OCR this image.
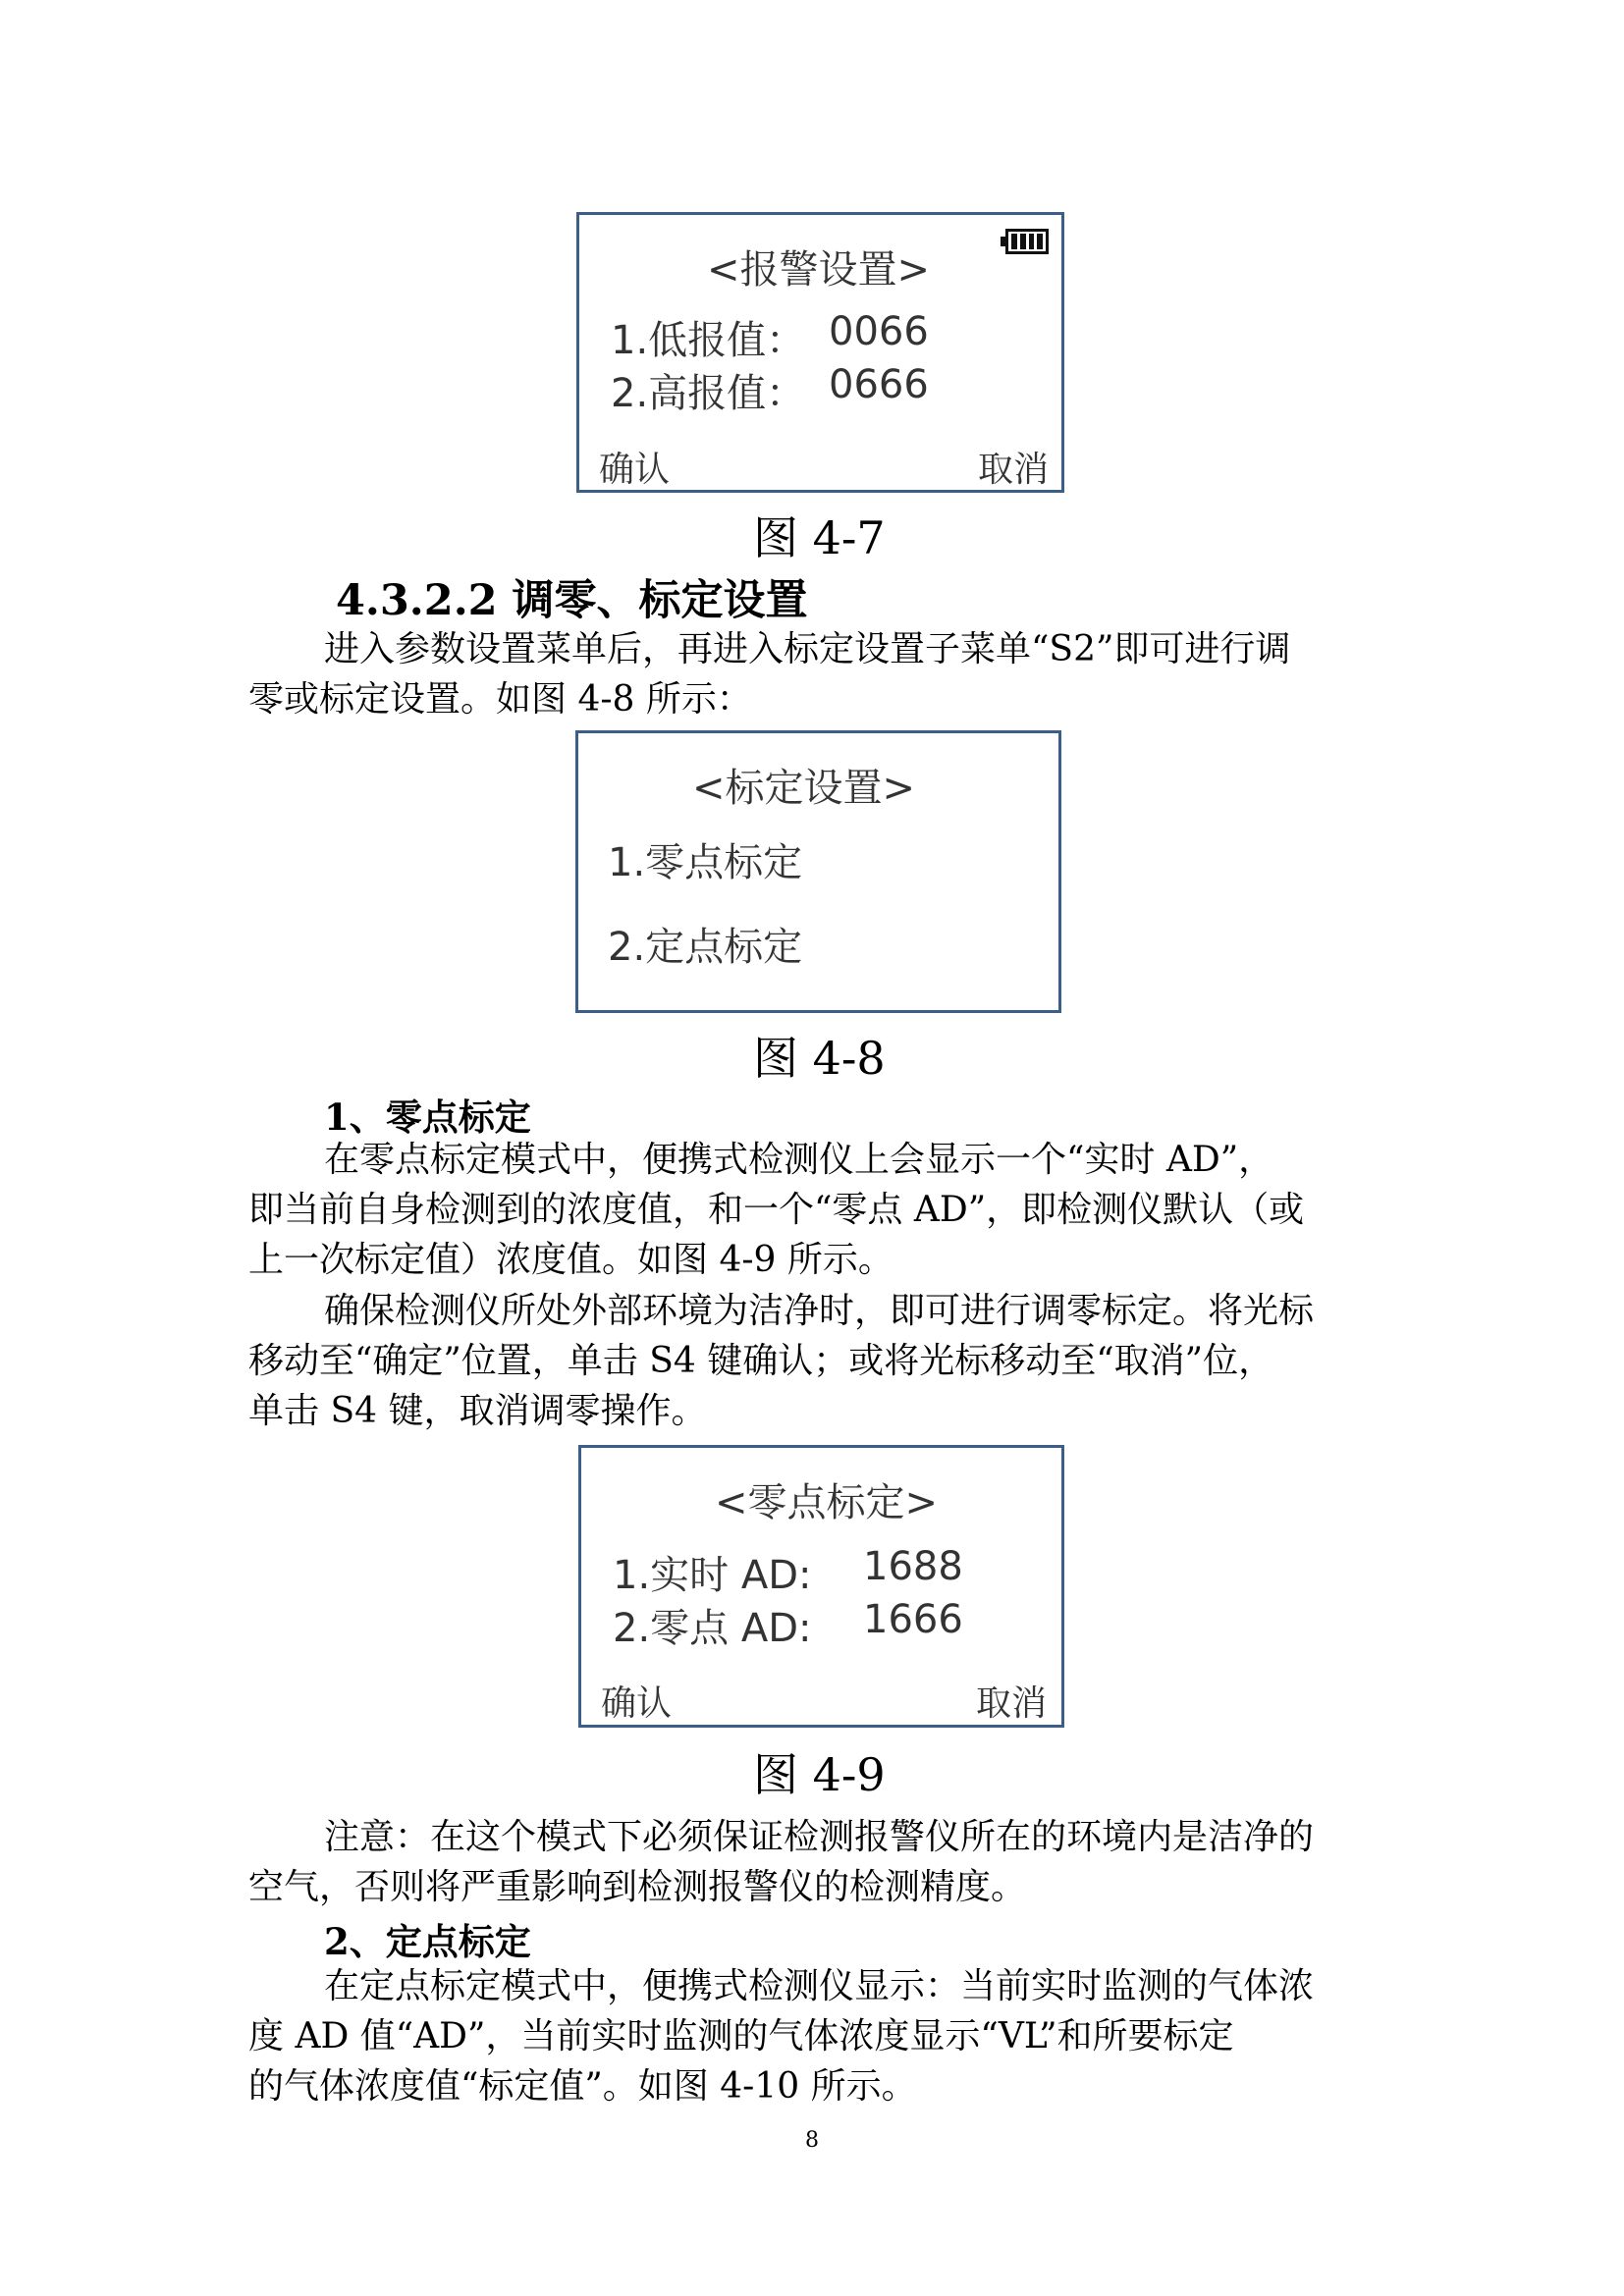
<报警设置>
1.低报值： 0066
2.高报值： 0666
确认	取消
图 4-7
4.3.2.2 调零、标定设置
进入参数设置菜单后，再进入标定设置子菜单“S2”即可进行调
零或标定设置。如图 4-8 所示：
<标定设置>
1.零点标定
2.定点标定
图 4-8
1、零点标定
在零点标定模式中，便携式检测仪上会显示一个“实时 AD”，
即当前自身检测到的浓度值，和一个“零点 AD”，即检测仪默认（或
上一次标定值）浓度值。如图 4-9 所示。
确保检测仪所处外部环境为洁净时，即可进行调零标定。将光标
移动至“确定”位置，单击 S4 键确认；或将光标移动至“取消”位，
单击 S4 键，取消调零操作。
<零点标定>
1.实时 AD: 1688
2.零点 AD: 1666
确认	取消
图 4-9
注意：在这个模式下必须保证检测报警仪所在的环境内是洁净的
空气，否则将严重影响到检测报警仪的检测精度。
2、定点标定
在定点标定模式中，便携式检测仪显示：当前实时监测的气体浓
度 AD 值“AD”，当前实时监测的气体浓度显示“VL”和所要标定
的气体浓度值“标定值”。如图 4-10 所示。
8
